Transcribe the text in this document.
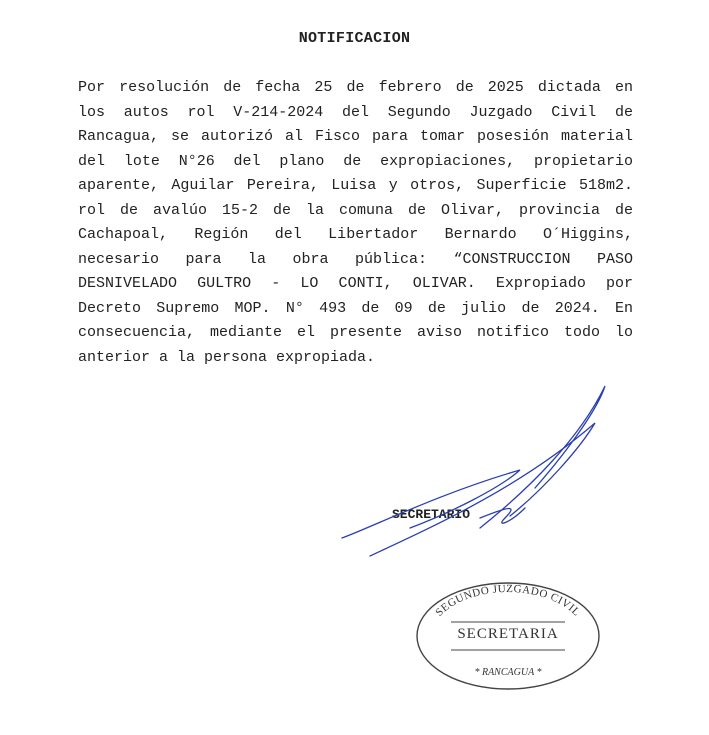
NOTIFICACION
Por resolución de fecha 25 de febrero de 2025 dictada en
los autos rol V-214-2024 del Segundo Juzgado Civil de
Rancagua, se autorizó al Fisco para tomar posesión material
del lote N°26 del plano de expropiaciones, propietario
aparente, Aguilar Pereira, Luisa y otros, Superficie 518m2.
rol de avalúo 15-2 de la comuna de Olivar, provincia de
Cachapoal, Región del Libertador Bernardo O´Higgins,
necesario para la obra pública: “CONSTRUCCION PASO
DESNIVELADO GULTRO - LO CONTI, OLIVAR. Expropiado por
Decreto Supremo MOP. N° 493 de 09 de julio de 2024. En
consecuencia, mediante el presente aviso notifico todo lo
anterior a la persona expropiada.
SECRETARIO
SEGUNDO JUZGADO CIVIL
* RANCAGUA *
SECRETARIA
